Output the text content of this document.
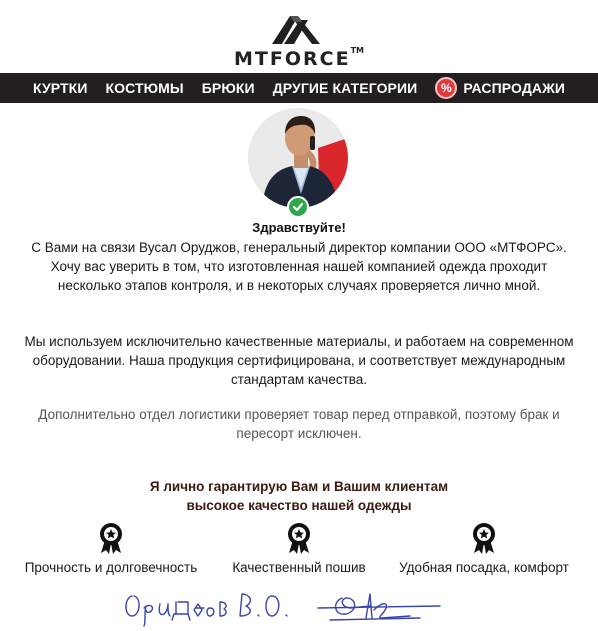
MTFORCE™
КУРТКИ	КОСТЮМЫ	БРЮКИ	ДРУГИЕ КАТЕГОРИИ	% РАСПРОДАЖИ
Здравствуйте!

С Вами на связи Вусал Оруджов, генеральный директор компании ООО «МТФОРС». Хочу вас уверить в том, что изготовленная нашей компанией одежда проходит несколько этапов контроля, и в некоторых случаях проверяется лично мной.

Мы используем исключительно качественные материалы, и работаем на современном оборудовании. Наша продукция сертифицирована, и соответствует международным стандартам качества.

Дополнительно отдел логистики проверяет товар перед отправкой, поэтому брак и пересорт исключен.

Я лично гарантирую Вам и Вашим клиентам
высокое качество нашей одежды
Прочность и долговечность	Качественный пошив	Удобная посадка, комфорт
